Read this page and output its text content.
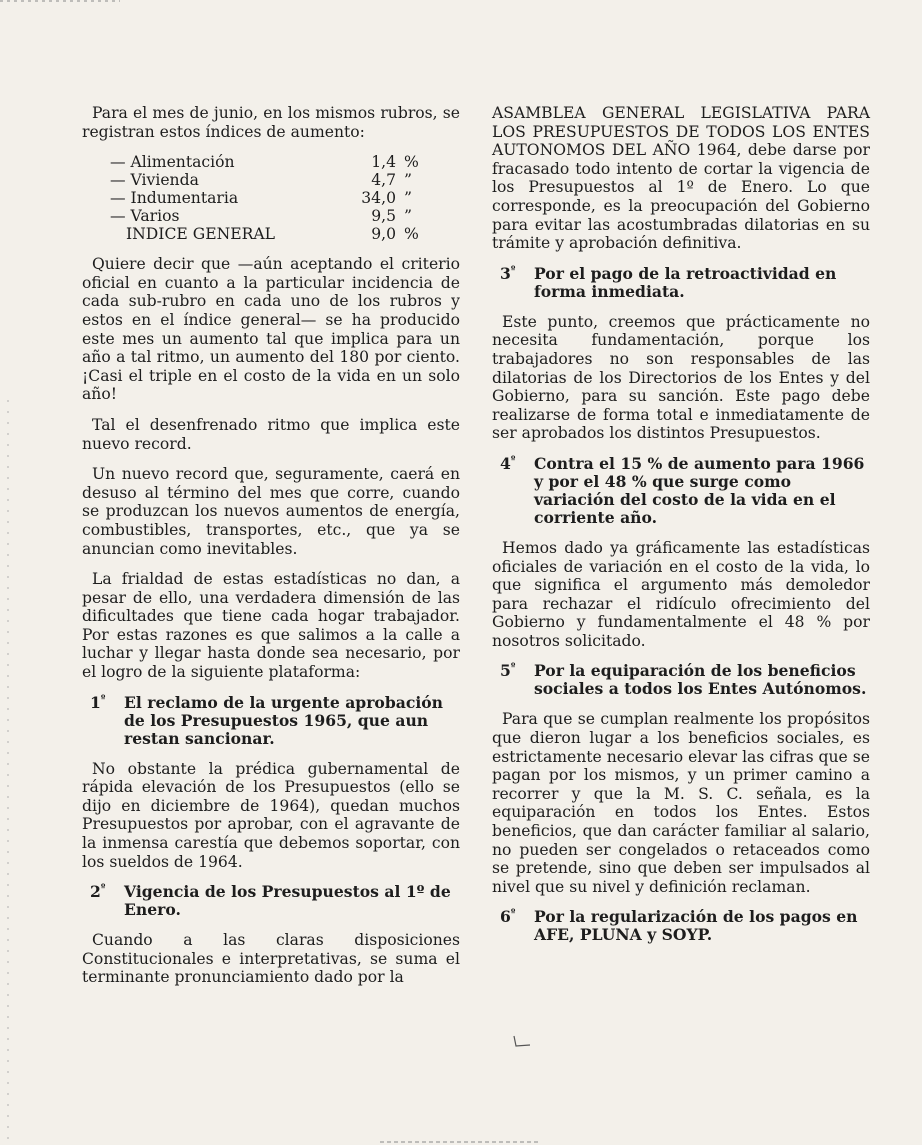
Para el mes de junio, en los mismos rubros, se registran estos índices de aumento:

— Alimentación	1,4	%
— Vivienda	4,7	”
— Indumentaria	34,0	”
— Varios	9,5	”
INDICE GENERAL	9,0	%

Quiere decir que —aún aceptando el criterio oficial en cuanto a la particular incidencia de cada sub-rubro en cada uno de los rubros y estos en el índice general— se ha producido este mes un aumento tal que implica para un año a tal ritmo, un aumento del 180 por ciento. ¡Casi el triple en el costo de la vida en un solo año!

Tal el desenfrenado ritmo que implica este nuevo record.

Un nuevo record que, seguramente, caerá en desuso al término del mes que corre, cuando se produzcan los nuevos aumentos de energía, combustibles, transportes, etc., que ya se anuncian como inevitables.

La frialdad de estas estadísticas no dan, a pesar de ello, una verdadera dimensión de las dificultades que tiene cada hogar trabajador. Por estas razones es que salimos a la calle a luchar y llegar hasta donde sea necesario, por el logro de la siguiente plataforma:

$1^º$	El reclamo de la urgente aprobación de los Presupuestos 1965, que aun restan sancionar.

No obstante la prédica gubernamental de rápida elevación de los Presupuestos (ello se dijo en diciembre de 1964), quedan muchos Presupuestos por aprobar, con el agravante de la inmensa carestía que debemos soportar, con los sueldos de 1964.

$2^º$	Vigencia de los Presupuestos al 1º de Enero.

Cuando a las claras disposiciones Constitucionales e interpretativas, se suma el terminante pronunciamiento dado por la

ASAMBLEA GENERAL LEGISLATIVA PARA LOS PRESUPUESTOS DE TODOS LOS ENTES AUTONOMOS DEL AÑO 1964, debe darse por fracasado todo intento de cortar la vigencia de los Presupuestos al 1º de Enero. Lo que corresponde, es la preocupación del Gobierno para evitar las acostumbradas dilatorias en su trámite y aprobación definitiva.

$3^º$	Por el pago de la retroactividad en forma inmediata.

Este punto, creemos que prácticamente no necesita fundamentación, porque los trabajadores no son responsables de las dilatorias de los Directorios de los Entes y del Gobierno, para su sanción. Este pago debe realizarse de forma total e inmediatamente de ser aprobados los distintos Presupuestos.

$4^º$	Contra el 15 % de aumento para 1966 y por el 48 % que surge como variación del costo de la vida en el corriente año.

Hemos dado ya gráficamente las estadísticas oficiales de variación en el costo de la vida, lo que significa el argumento más demoledor para rechazar el ridículo ofrecimiento del Gobierno y fundamentalmente el 48 % por nosotros solicitado.

$5^º$	Por la equiparación de los beneficios sociales a todos los Entes Autónomos.

Para que se cumplan realmente los propósitos que dieron lugar a los beneficios sociales, es estrictamente necesario elevar las cifras que se pagan por los mismos, y un primer camino a recorrer y que la M. S. C. señala, es la equiparación en todos los Entes. Estos beneficios, que dan carácter familiar al salario, no pueden ser congelados o retaceados como se pretende, sino que deben ser impulsados al nivel que su nivel y definición reclaman.

$6^º$	Por la regularización de los pagos en AFE, PLUNA y SOYP.
